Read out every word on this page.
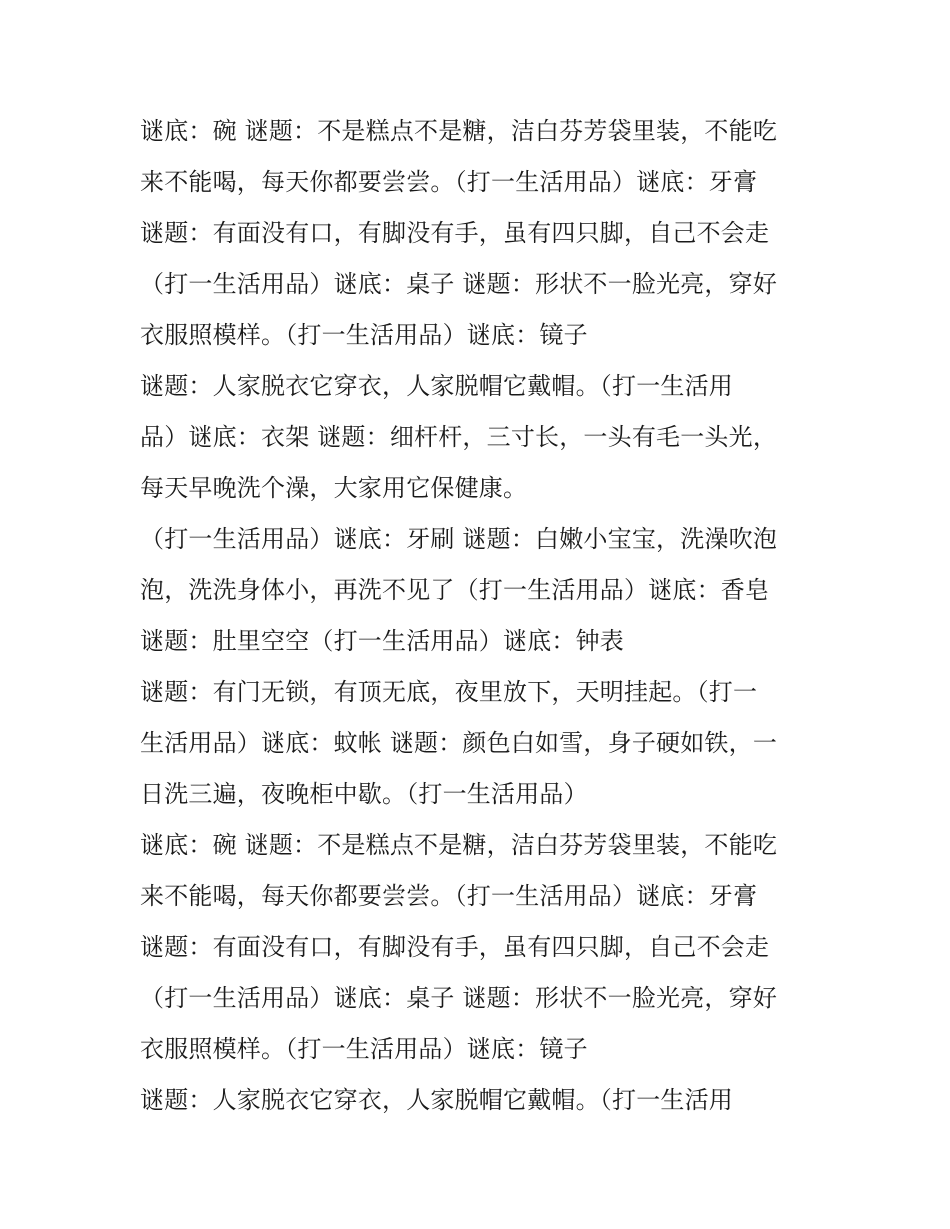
谜底：碗 谜题：不是糕点不是糖，洁白芬芳袋里装，不能吃
来不能喝，每天你都要尝尝。（打一生活用品）谜底：牙膏
谜题：有面没有口，有脚没有手，虽有四只脚，自己不会走
（打一生活用品）谜底：桌子 谜题：形状不一脸光亮，穿好
衣服照模样。（打一生活用品）谜底：镜子
谜题：人家脱衣它穿衣，人家脱帽它戴帽。（打一生活用
品）谜底：衣架 谜题：细杆杆，三寸长，一头有毛一头光，
每天早晚洗个澡，大家用它保健康。
（打一生活用品）谜底：牙刷 谜题：白嫩小宝宝，洗澡吹泡
泡，洗洗身体小，再洗不见了（打一生活用品）谜底：香皂
谜题：肚里空空（打一生活用品）谜底：钟表
谜题：有门无锁，有顶无底，夜里放下，天明挂起。（打一
生活用品）谜底：蚊帐 谜题：颜色白如雪，身子硬如铁，一
日洗三遍，夜晚柜中歇。（打一生活用品）
谜底：碗 谜题：不是糕点不是糖，洁白芬芳袋里装，不能吃
来不能喝，每天你都要尝尝。（打一生活用品）谜底：牙膏
谜题：有面没有口，有脚没有手，虽有四只脚，自己不会走
（打一生活用品）谜底：桌子 谜题：形状不一脸光亮，穿好
衣服照模样。（打一生活用品）谜底：镜子
谜题：人家脱衣它穿衣，人家脱帽它戴帽。（打一生活用
